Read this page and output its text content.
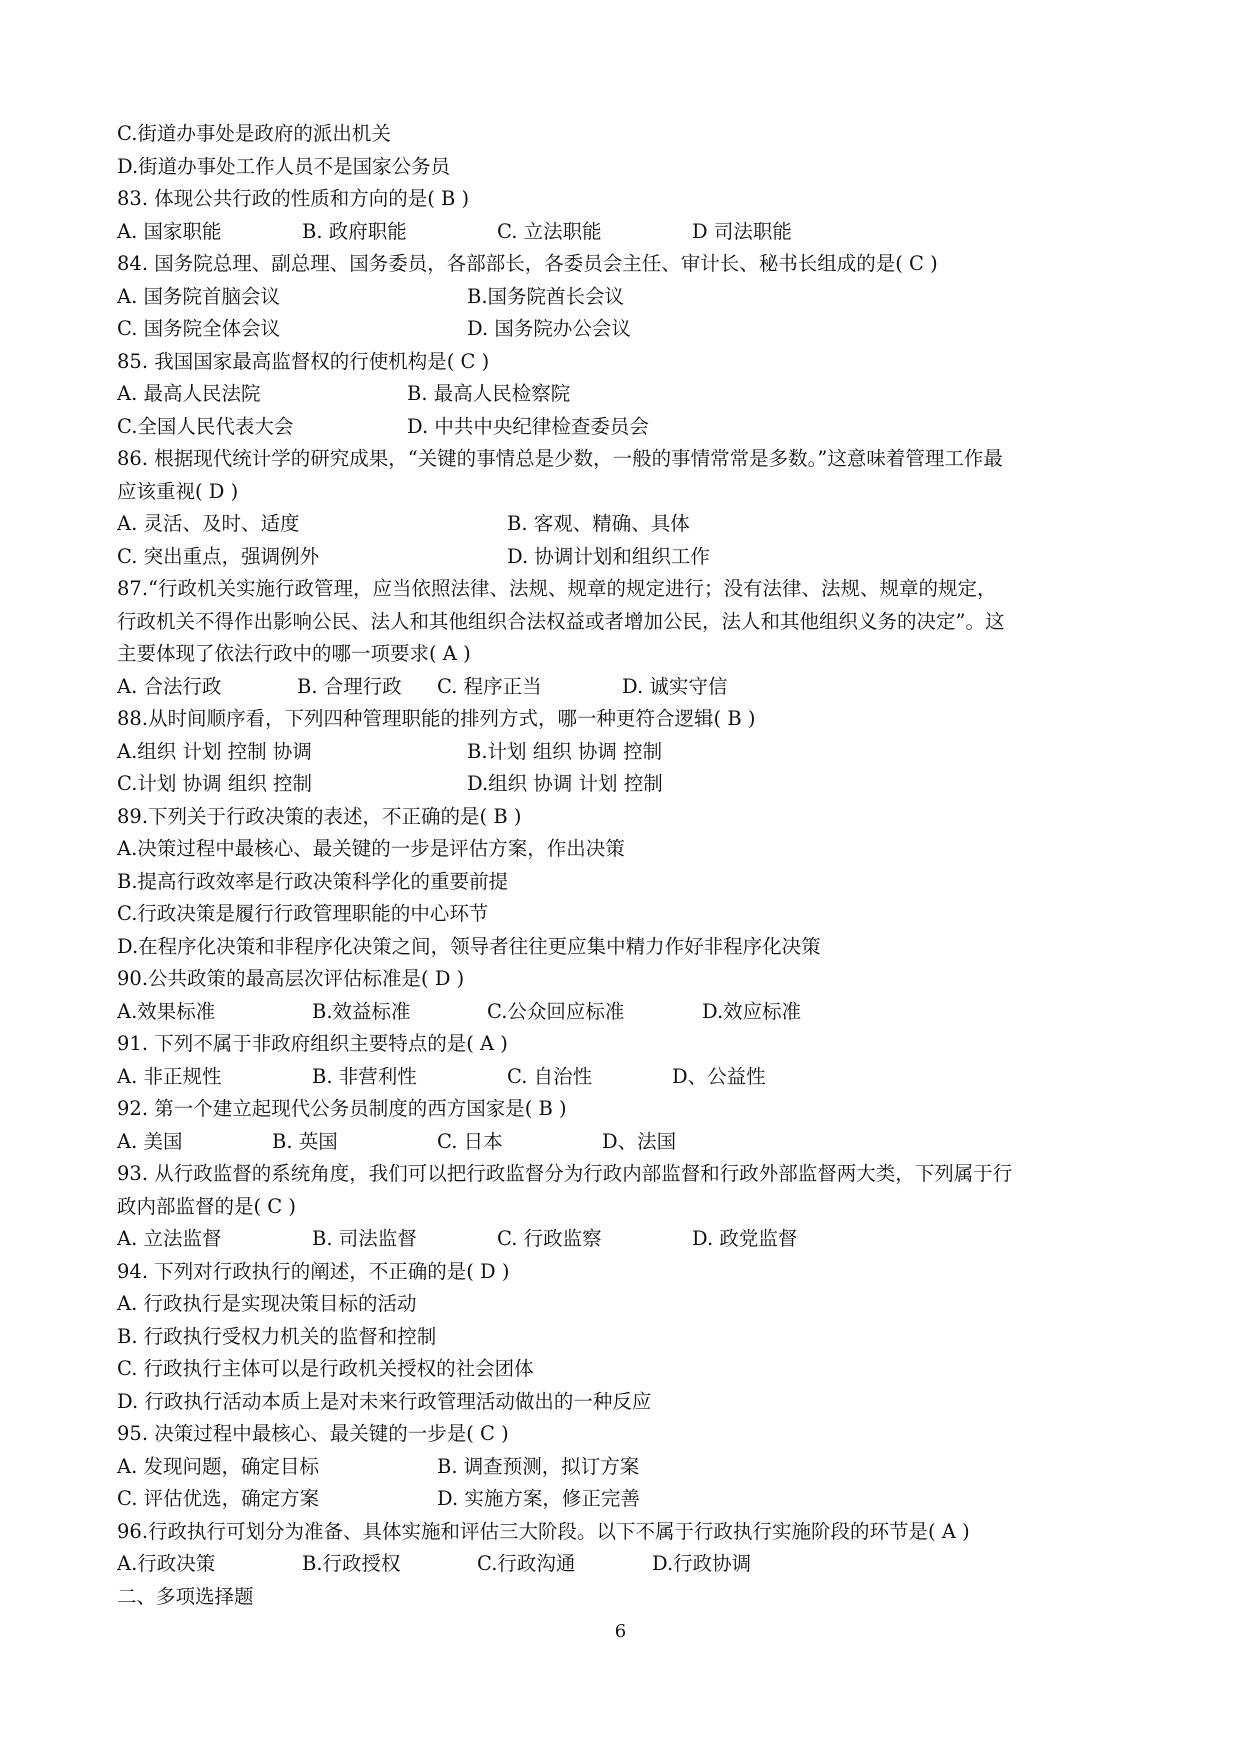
C.街道办事处是政府的派出机关
D.街道办事处工作人员不是国家公务员
83. 体现公共行政的性质和方向的是( B )
A. 国家职能	B. 政府职能	C. 立法职能	D 司法职能
84. 国务院总理、副总理、国务委员，各部部长，各委员会主任、审计长、秘书长组成的是( C )
A. 国务院首脑会议	B.国务院酋长会议
C. 国务院全体会议	D. 国务院办公会议
85. 我国国家最高监督权的行使机构是( C )
A. 最高人民法院	B. 最高人民检察院
C.全国人民代表大会	D. 中共中央纪律检查委员会
86. 根据现代统计学的研究成果，“关键的事情总是少数，一般的事情常常是多数。”这意味着管理工作最
应该重视( D )
A. 灵活、及时、适度	B. 客观、精确、具体
C. 突出重点，强调例外	D. 协调计划和组织工作
87.“行政机关实施行政管理，应当依照法律、法规、规章的规定进行；没有法律、法规、规章的规定，
行政机关不得作出影响公民、法人和其他组织合法权益或者增加公民，法人和其他组织义务的决定”。这
主要体现了依法行政中的哪一项要求( A )
A. 合法行政	B. 合理行政 C. 程序正当	D. 诚实守信
88.从时间顺序看，下列四种管理职能的排列方式，哪一种更符合逻辑( B )
A.组织 计划 控制 协调	B.计划 组织 协调 控制
C.计划 协调 组织 控制	D.组织 协调 计划 控制
89.下列关于行政决策的表述，不正确的是( B )
A.决策过程中最核心、最关键的一步是评估方案，作出决策
B.提高行政效率是行政决策科学化的重要前提
C.行政决策是履行行政管理职能的中心环节
D.在程序化决策和非程序化决策之间，领导者往往更应集中精力作好非程序化决策
90.公共政策的最高层次评估标准是( D )
A.效果标准	B.效益标准	C.公众回应标准	D.效应标准
91. 下列不属于非政府组织主要特点的是( A )
A. 非正规性	B. 非营利性	C. 自治性	D、公益性
92. 第一个建立起现代公务员制度的西方国家是( B )
A. 美国	B. 英国	C. 日本	D、法国
93. 从行政监督的系统角度，我们可以把行政监督分为行政内部监督和行政外部监督两大类，下列属于行
政内部监督的是( C )
A. 立法监督	B. 司法监督	C. 行政监察	D. 政党监督
94. 下列对行政执行的阐述，不正确的是( D )
A. 行政执行是实现决策目标的活动
B. 行政执行受权力机关的监督和控制
C. 行政执行主体可以是行政机关授权的社会团体
D. 行政执行活动本质上是对未来行政管理活动做出的一种反应
95. 决策过程中最核心、最关键的一步是( C )
A. 发现问题，确定目标	B. 调查预测，拟订方案
C. 评估优选，确定方案	D. 实施方案，修正完善
96.行政执行可划分为准备、具体实施和评估三大阶段。以下不属于行政执行实施阶段的环节是( A )
A.行政决策	B.行政授权	C.行政沟通	D.行政协调
二、多项选择题
6
